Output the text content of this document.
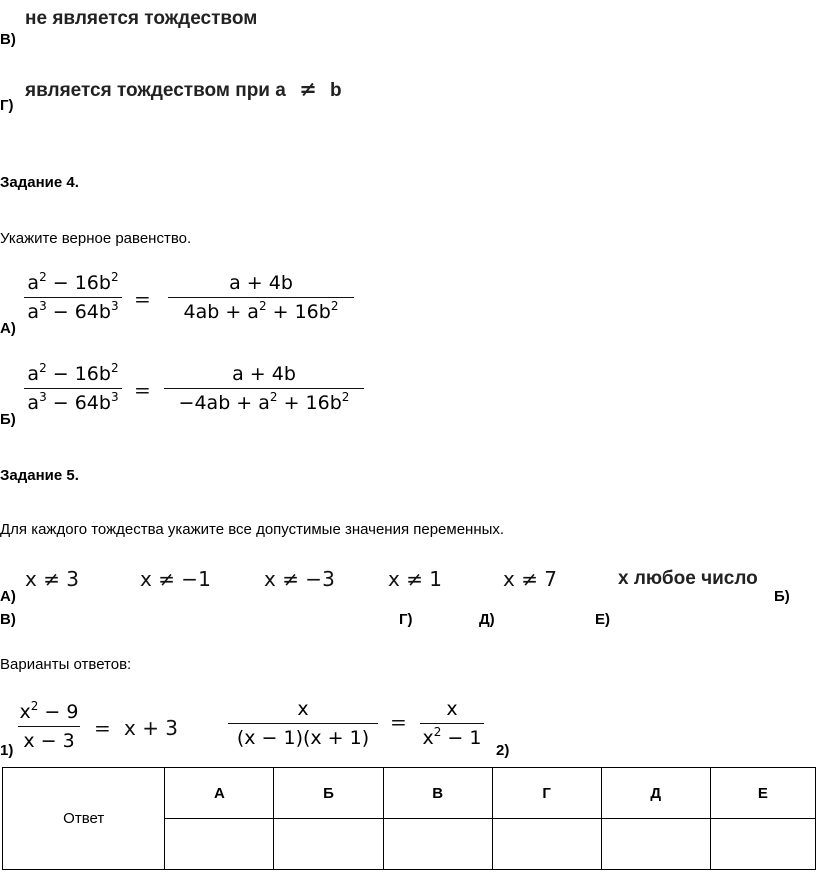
не является тождеством
В)
является тождеством при a ≠ b
Г)
Задание 4.
Укажите верное равенство.
$a^2 - 16b^2$
$a^3 - 64b^3$ =
a + 4b
$4ab + a^2 + 16b^2$
А)
$a^2 - 16b^2$
$a^3 - 64b^3$ =
a + 4b
$-4ab + a^2 + 16b^2$
Б)
Задание 5.
Для каждого тождества укажите все допустимые значения переменных.
x ≠ 3	x ≠ −1	x ≠ −3	x ≠ 1	x ≠ 7	x любое число
А)	Б)
В)	Г)	Д)	Е)
Варианты ответов:
$x^2 - 9$
x − 3
= x + 3
1)
x
(x − 1)(x + 1)
=
x
$x^2 - 1$
2)
Ответ	А	Б	В	Г	Д	Е
